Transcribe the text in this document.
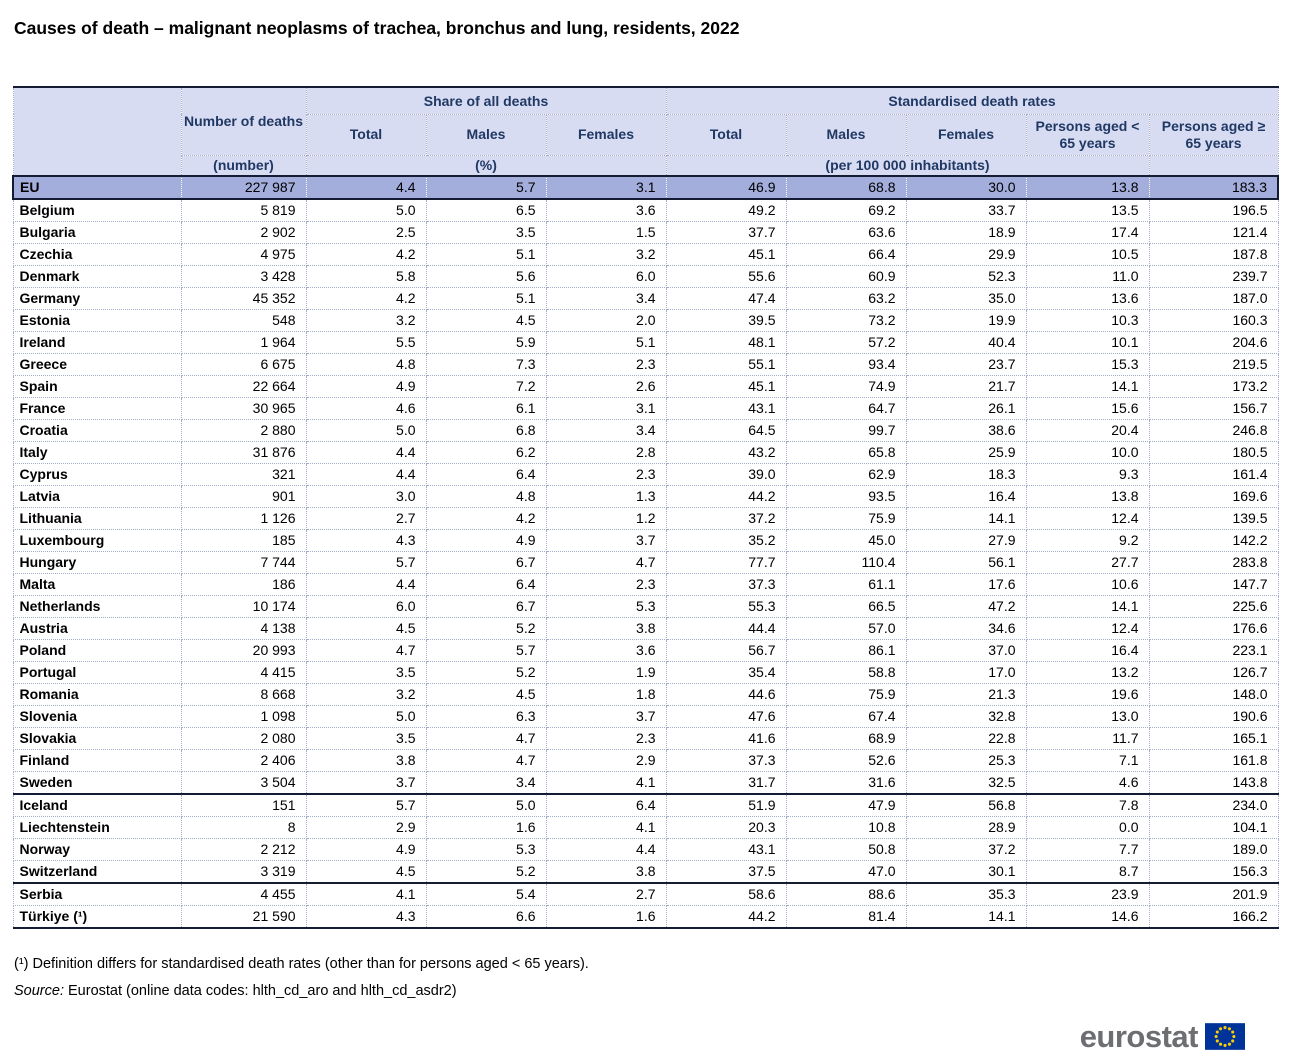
Causes of death – malignant neoplasms of trachea, bronchus and lung, residents, 2022
	Number of deaths	Share of all deaths			Standardised death rates				
		Total	Males	Females	Total	Males	Females	Persons aged < 65 years	Persons aged ≥ 65 years
	(number)	(%)			(per 100 000 inhabitants)				
EU	227 987	4.4	5.7	3.1	46.9	68.8	30.0	13.8	183.3
Belgium	5 819	5.0	6.5	3.6	49.2	69.2	33.7	13.5	196.5
Bulgaria	2 902	2.5	3.5	1.5	37.7	63.6	18.9	17.4	121.4
Czechia	4 975	4.2	5.1	3.2	45.1	66.4	29.9	10.5	187.8
Denmark	3 428	5.8	5.6	6.0	55.6	60.9	52.3	11.0	239.7
Germany	45 352	4.2	5.1	3.4	47.4	63.2	35.0	13.6	187.0
Estonia	548	3.2	4.5	2.0	39.5	73.2	19.9	10.3	160.3
Ireland	1 964	5.5	5.9	5.1	48.1	57.2	40.4	10.1	204.6
Greece	6 675	4.8	7.3	2.3	55.1	93.4	23.7	15.3	219.5
Spain	22 664	4.9	7.2	2.6	45.1	74.9	21.7	14.1	173.2
France	30 965	4.6	6.1	3.1	43.1	64.7	26.1	15.6	156.7
Croatia	2 880	5.0	6.8	3.4	64.5	99.7	38.6	20.4	246.8
Italy	31 876	4.4	6.2	2.8	43.2	65.8	25.9	10.0	180.5
Cyprus	321	4.4	6.4	2.3	39.0	62.9	18.3	9.3	161.4
Latvia	901	3.0	4.8	1.3	44.2	93.5	16.4	13.8	169.6
Lithuania	1 126	2.7	4.2	1.2	37.2	75.9	14.1	12.4	139.5
Luxembourg	185	4.3	4.9	3.7	35.2	45.0	27.9	9.2	142.2
Hungary	7 744	5.7	6.7	4.7	77.7	110.4	56.1	27.7	283.8
Malta	186	4.4	6.4	2.3	37.3	61.1	17.6	10.6	147.7
Netherlands	10 174	6.0	6.7	5.3	55.3	66.5	47.2	14.1	225.6
Austria	4 138	4.5	5.2	3.8	44.4	57.0	34.6	12.4	176.6
Poland	20 993	4.7	5.7	3.6	56.7	86.1	37.0	16.4	223.1
Portugal	4 415	3.5	5.2	1.9	35.4	58.8	17.0	13.2	126.7
Romania	8 668	3.2	4.5	1.8	44.6	75.9	21.3	19.6	148.0
Slovenia	1 098	5.0	6.3	3.7	47.6	67.4	32.8	13.0	190.6
Slovakia	2 080	3.5	4.7	2.3	41.6	68.9	22.8	11.7	165.1
Finland	2 406	3.8	4.7	2.9	37.3	52.6	25.3	7.1	161.8
Sweden	3 504	3.7	3.4	4.1	31.7	31.6	32.5	4.6	143.8
Iceland	151	5.7	5.0	6.4	51.9	47.9	56.8	7.8	234.0
Liechtenstein	8	2.9	1.6	4.1	20.3	10.8	28.9	0.0	104.1
Norway	2 212	4.9	5.3	4.4	43.1	50.8	37.2	7.7	189.0
Switzerland	3 319	4.5	5.2	3.8	37.5	47.0	30.1	8.7	156.3
Serbia	4 455	4.1	5.4	2.7	58.6	88.6	35.3	23.9	201.9
Türkiye (¹)	21 590	4.3	6.6	1.6	44.2	81.4	14.1	14.6	166.2

(¹) Definition differs for standardised death rates (other than for persons aged < 65 years).

Source: Eurostat (online data codes: hlth_cd_aro and hlth_cd_asdr2)

eurostat
